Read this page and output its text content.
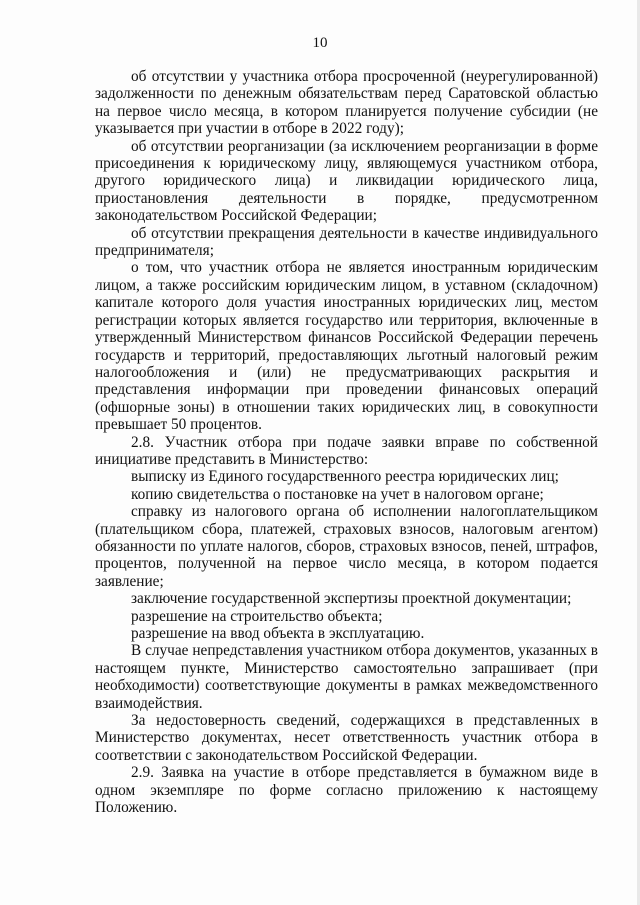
10

об отсутствии у участника отбора просроченной (неурегулированной) задолженности по денежным обязательствам перед Саратовской областью на первое число месяца, в котором планируется получение субсидии (не указывается при участии в отборе в 2022 году);

об отсутствии реорганизации (за исключением реорганизации в форме присоединения к юридическому лицу, являющемуся участником отбора, другого юридического лица) и ликвидации юридического лица, приостановления деятельности в порядке, предусмотренном законодательством Российской Федерации;

об отсутствии прекращения деятельности в качестве индивидуального предпринимателя;

о том, что участник отбора не является иностранным юридическим лицом, а также российским юридическим лицом, в уставном (складочном) капитале которого доля участия иностранных юридических лиц, местом регистрации которых является государство или территория, включенные в утвержденный Министерством финансов Российской Федерации перечень государств и территорий, предоставляющих льготный налоговый режим налогообложения и (или) не предусматривающих раскрытия и представления информации при проведении финансовых операций (офшорные зоны) в отношении таких юридических лиц, в совокупности превышает 50 процентов.

2.8. Участник отбора при подаче заявки вправе по собственной инициативе представить в Министерство:

выписку из Единого государственного реестра юридических лиц;

копию свидетельства о постановке на учет в налоговом органе;

справку из налогового органа об исполнении налогоплательщиком (плательщиком сбора, платежей, страховых взносов, налоговым агентом) обязанности по уплате налогов, сборов, страховых взносов, пеней, штрафов, процентов, полученной на первое число месяца, в котором подается заявление;

заключение государственной экспертизы проектной документации;

разрешение на строительство объекта;

разрешение на ввод объекта в эксплуатацию.

В случае непредставления участником отбора документов, указанных в настоящем пункте, Министерство самостоятельно запрашивает (при необходимости) соответствующие документы в рамках межведомственного взаимодействия.

За недостоверность сведений, содержащихся в представленных в Министерство документах, несет ответственность участник отбора в соответствии с законодательством Российской Федерации.

2.9. Заявка на участие в отборе представляется в бумажном виде в одном экземпляре по форме согласно приложению к настоящему Положению.
